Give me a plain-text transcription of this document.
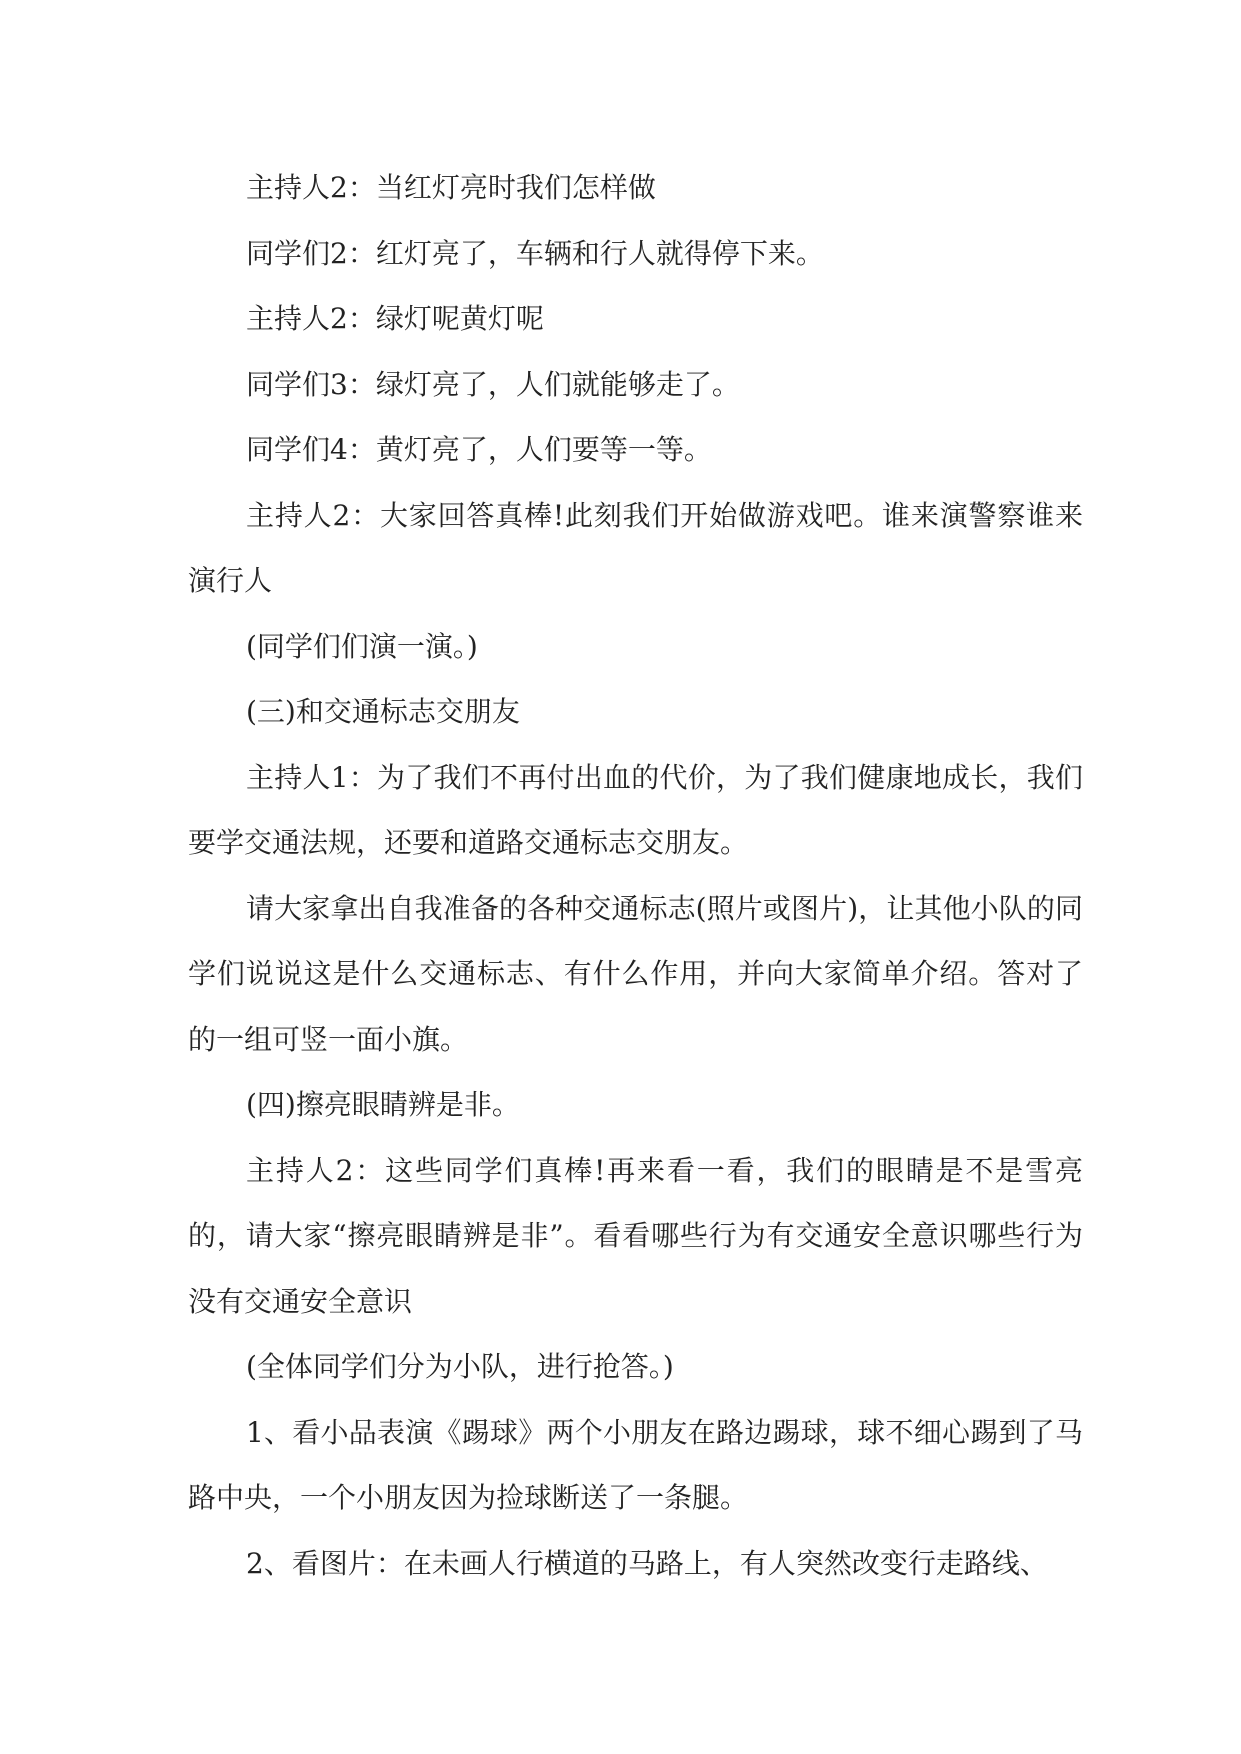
主持人2：当红灯亮时我们怎样做

同学们2：红灯亮了，车辆和行人就得停下来。

主持人2：绿灯呢黄灯呢

同学们3：绿灯亮了，人们就能够走了。

同学们4：黄灯亮了，人们要等一等。

主持人2：大家回答真棒!此刻我们开始做游戏吧。谁来演警察谁来演行人

(同学们们演一演。)

(三)和交通标志交朋友

主持人1：为了我们不再付出血的代价，为了我们健康地成长，我们要学交通法规，还要和道路交通标志交朋友。

请大家拿出自我准备的各种交通标志(照片或图片)，让其他小队的同学们说说这是什么交通标志、有什么作用，并向大家简单介绍。答对了的一组可竖一面小旗。

(四)擦亮眼睛辨是非。

主持人2：这些同学们真棒!再来看一看，我们的眼睛是不是雪亮的，请大家“擦亮眼睛辨是非”。看看哪些行为有交通安全意识哪些行为没有交通安全意识

(全体同学们分为小队，进行抢答。)

1、看小品表演《踢球》两个小朋友在路边踢球，球不细心踢到了马路中央，一个小朋友因为捡球断送了一条腿。

2、看图片：在未画人行横道的马路上，有人突然改变行走路线、
